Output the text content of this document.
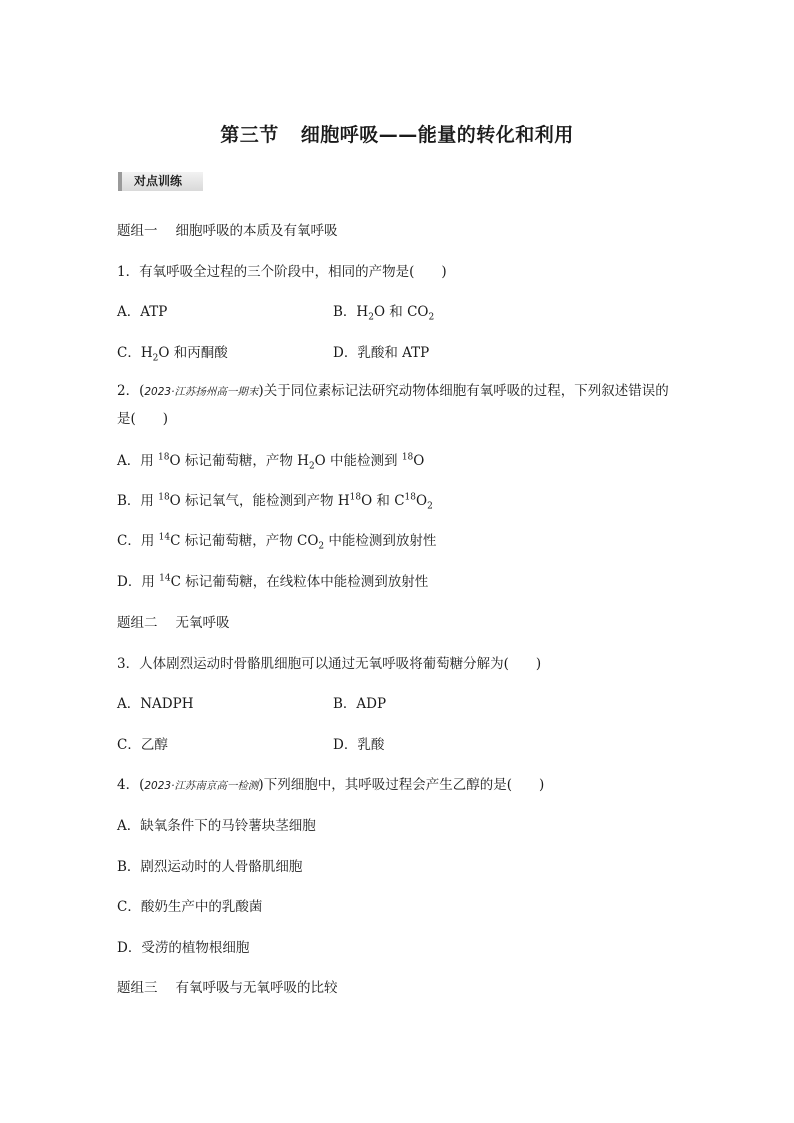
第三节 细胞呼吸——能量的转化和利用
对点训练
题组一 细胞呼吸的本质及有氧呼吸
1．有氧呼吸全过程的三个阶段中，相同的产物是(　　)
A．ATP	B．$H_2O$ 和 $CO_2$
C．$H_2O$ 和丙酮酸	D．乳酸和 ATP
2．(2023·江苏扬州高一期末)关于同位素标记法研究动物体细胞有氧呼吸的过程，下列叙述错误的是(　　)
A．用 $^{18}$O 标记葡萄糖，产物 $H_2O$ 中能检测到 $^{18}$O
B．用 $^{18}$O 标记氧气，能检测到产物 $H^{18}O$ 和 $C^{18}O_2$
C．用 $^{14}$C 标记葡萄糖，产物 $CO_2$ 中能检测到放射性
D．用 $^{14}$C 标记葡萄糖，在线粒体中能检测到放射性
题组二 无氧呼吸
3．人体剧烈运动时骨骼肌细胞可以通过无氧呼吸将葡萄糖分解为(　　)
A．NADPH	B．ADP
C．乙醇	D．乳酸
4．(2023·江苏南京高一检测)下列细胞中，其呼吸过程会产生乙醇的是(　　)
A．缺氧条件下的马铃薯块茎细胞
B．剧烈运动时的人骨骼肌细胞
C．酸奶生产中的乳酸菌
D．受涝的植物根细胞
题组三 有氧呼吸与无氧呼吸的比较
